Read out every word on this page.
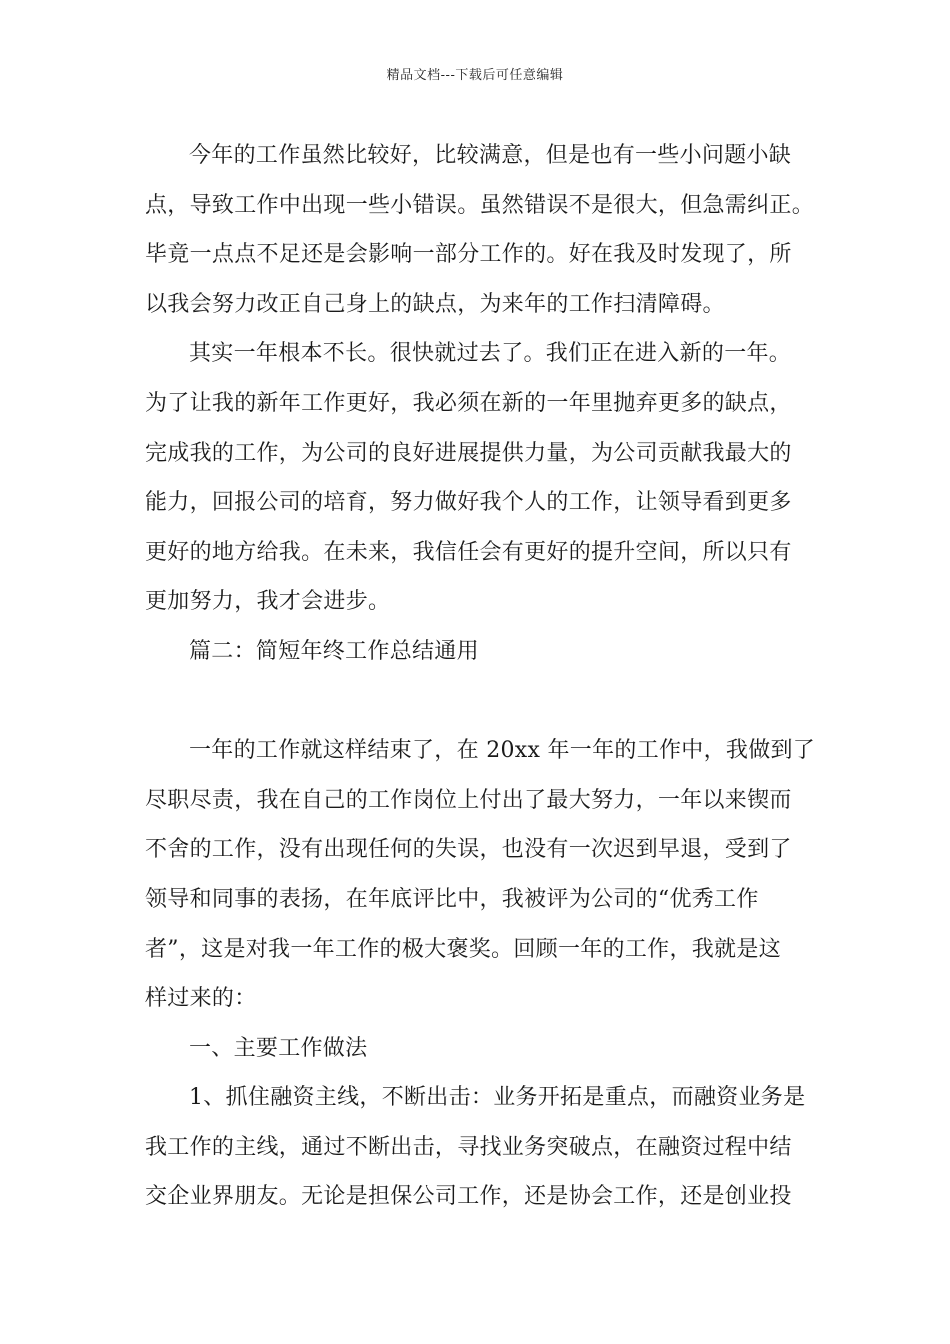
精品文档---下载后可任意编辑
今年的工作虽然比较好，比较满意，但是也有一些小问题小缺
点，导致工作中出现一些小错误。虽然错误不是很大，但急需纠正。
毕竟一点点不足还是会影响一部分工作的。好在我及时发现了，所
以我会努力改正自己身上的缺点，为来年的工作扫清障碍。
其实一年根本不长。很快就过去了。我们正在进入新的一年。
为了让我的新年工作更好，我必须在新的一年里抛弃更多的缺点，
完成我的工作，为公司的良好进展提供力量，为公司贡献我最大的
能力，回报公司的培育，努力做好我个人的工作，让领导看到更多
更好的地方给我。在未来，我信任会有更好的提升空间，所以只有
更加努力，我才会进步。
篇二：简短年终工作总结通用
一年的工作就这样结束了，在 20xx 年一年的工作中，我做到了
尽职尽责，我在自己的工作岗位上付出了最大努力，一年以来锲而
不舍的工作，没有出现任何的失误，也没有一次迟到早退，受到了
领导和同事的表扬，在年底评比中，我被评为公司的“优秀工作
者”，这是对我一年工作的极大褒奖。回顾一年的工作，我就是这
样过来的：
一、主要工作做法
1、抓住融资主线，不断出击：业务开拓是重点，而融资业务是
我工作的主线，通过不断出击，寻找业务突破点，在融资过程中结
交企业界朋友。无论是担保公司工作，还是协会工作，还是创业投
